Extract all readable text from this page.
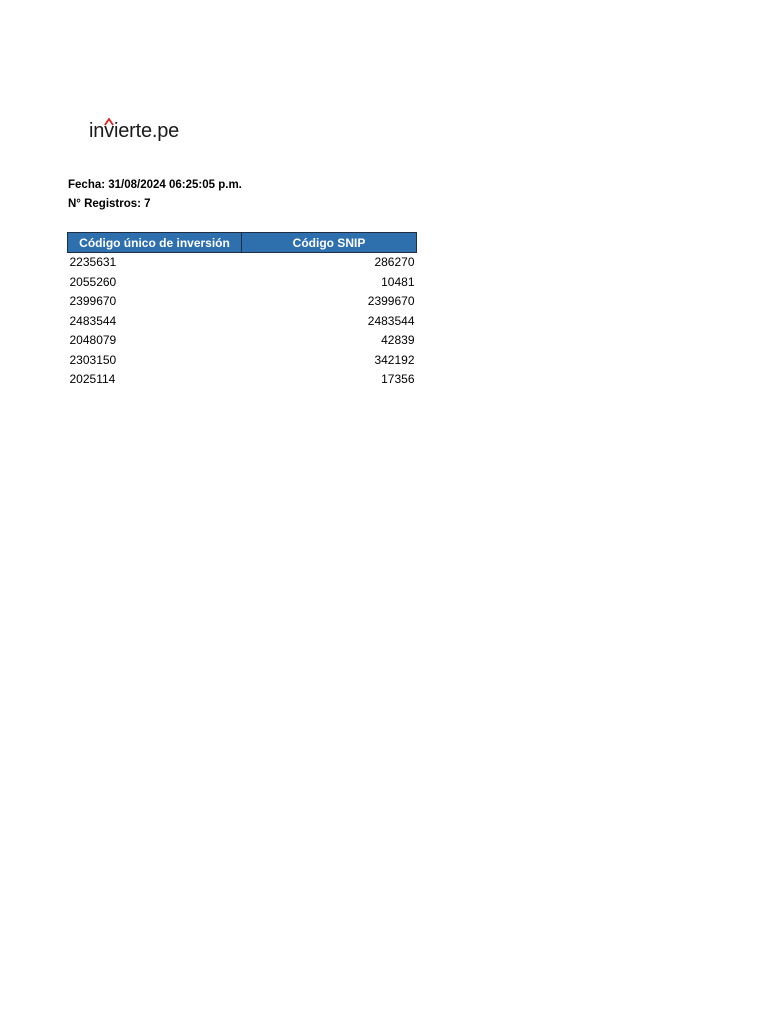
invierte.pe
Fecha: 31/08/2024 06:25:05 p.m.
N° Registros: 7
Código único de inversión	Código SNIP
2235631	286270
2055260	10481
2399670	2399670
2483544	2483544
2048079	42839
2303150	342192
2025114	17356
